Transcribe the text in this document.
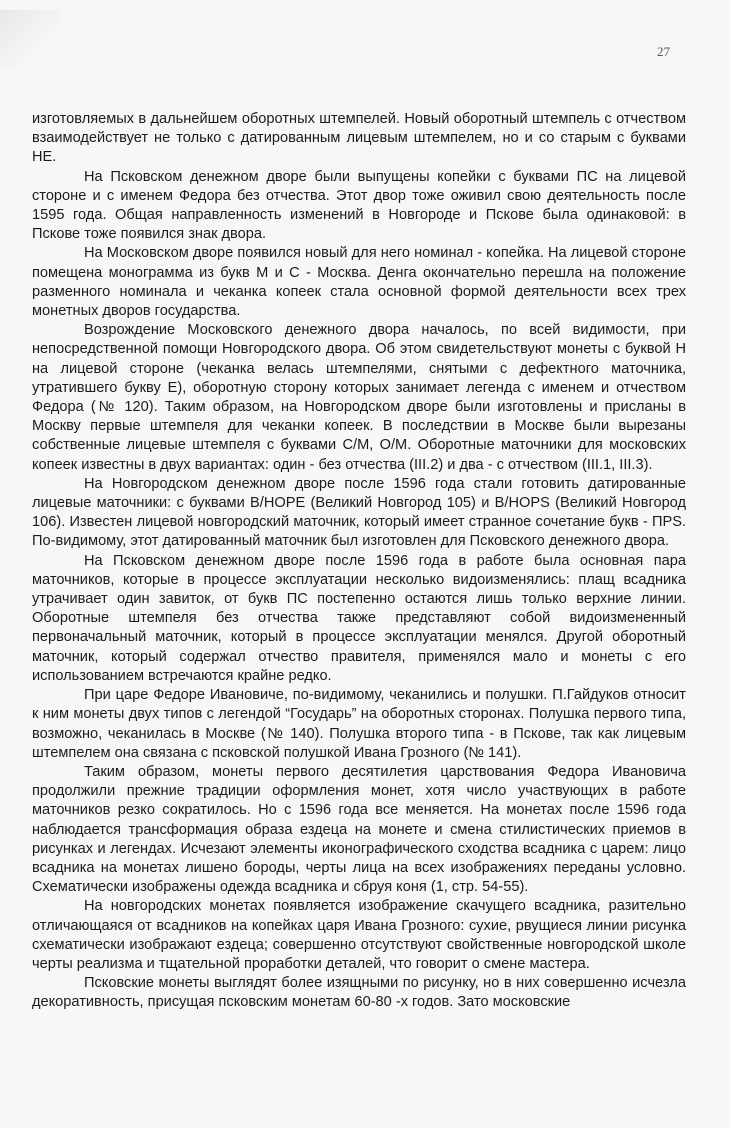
27

изготовляемых в дальнейшем оборотных штемпелей. Новый оборотный штемпель с отчеством взаимодействует не только с датированным лицевым штемпелем, но и со старым с буквами НЕ.

На Псковском денежном дворе были выпущены копейки с буквами ПС на лицевой стороне и с именем Федора без отчества. Этот двор тоже оживил свою деятельность после 1595 года. Общая направленность изменений в Новгороде и Пскове была одинаковой: в Пскове тоже появился знак двора.

На Московском дворе появился новый для него номинал - копейка. На лицевой стороне помещена монограмма из букв М и С - Москва. Денга окончательно перешла на положение разменного номинала и чеканка копеек стала основной формой деятельности всех трех монетных дворов государства.

Возрождение Московского денежного двора началось, по всей видимости, при непосредственной помощи Новгородского двора. Об этом свидетельствуют монеты с буквой Н на лицевой стороне (чеканка велась штемпелями, снятыми с дефектного маточника, утратившего букву Е), оборотную сторону которых занимает легенда с именем и отчеством Федора (№ 120). Таким образом, на Новгородском дворе были изготовлены и присланы в Москву первые штемпеля для чеканки копеек. В последствии в Москве были вырезаны собственные лицевые штемпеля с буквами С/М, О/М. Оборотные маточники для московских копеек известны в двух вариантах: один - без отчества (III.2) и два - с отчеством (III.1, III.3).

На Новгородском денежном дворе после 1596 года стали готовить датированные лицевые маточники: с буквами В/НОРЕ (Великий Новгород 105) и В/НОPS (Великий Новгород 106). Известен лицевой новгородский маточник, который имеет странное сочетание букв - ПPS. По-видимому, этот датированный маточник был изготовлен для Псковского денежного двора.

На Псковском денежном дворе после 1596 года в работе была основная пара маточников, которые в процессе эксплуатации несколько видоизменялись: плащ всадника утрачивает один завиток, от букв ПС постепенно остаются лишь только верхние линии. Оборотные штемпеля без отчества также представляют собой видоизмененный первоначальный маточник, который в процессе эксплуатации менялся. Другой оборотный маточник, который содержал отчество правителя, применялся мало и монеты с его использованием встречаются крайне редко.

При царе Федоре Ивановиче, по-видимому, чеканились и полушки. П.Гайдуков относит к ним монеты двух типов с легендой “Государь” на оборотных сторонах. Полушка первого типа, возможно, чеканилась в Москве (№ 140). Полушка второго типа - в Пскове, так как лицевым штемпелем она связана с псковской полушкой Ивана Грозного (№ 141).

Таким образом, монеты первого десятилетия царствования Федора Ивановича продолжили прежние традиции оформления монет, хотя число участвующих в работе маточников резко сократилось. Но с 1596 года все меняется. На монетах после 1596 года наблюдается трансформация образа ездеца на монете и смена стилистических приемов в рисунках и легендах. Исчезают элементы иконографического сходства всадника с царем: лицо всадника на монетах лишено бороды, черты лица на всех изображениях переданы условно. Схематически изображены одежда всадника и сбруя коня (1, стр. 54-55).

На новгородских монетах появляется изображение скачущего всадника, разительно отличающаяся от всадников на копейках царя Ивана Грозного: сухие, рвущиеся линии рисунка схематически изображают ездеца; совершенно отсутствуют свойственные новгородской школе черты реализма и тщательной проработки деталей, что говорит о смене мастера.

Псковские монеты выглядят более изящными по рисунку, но в них совершенно исчезла декоративность, присущая псковским монетам 60-80 -х годов. Зато московские
